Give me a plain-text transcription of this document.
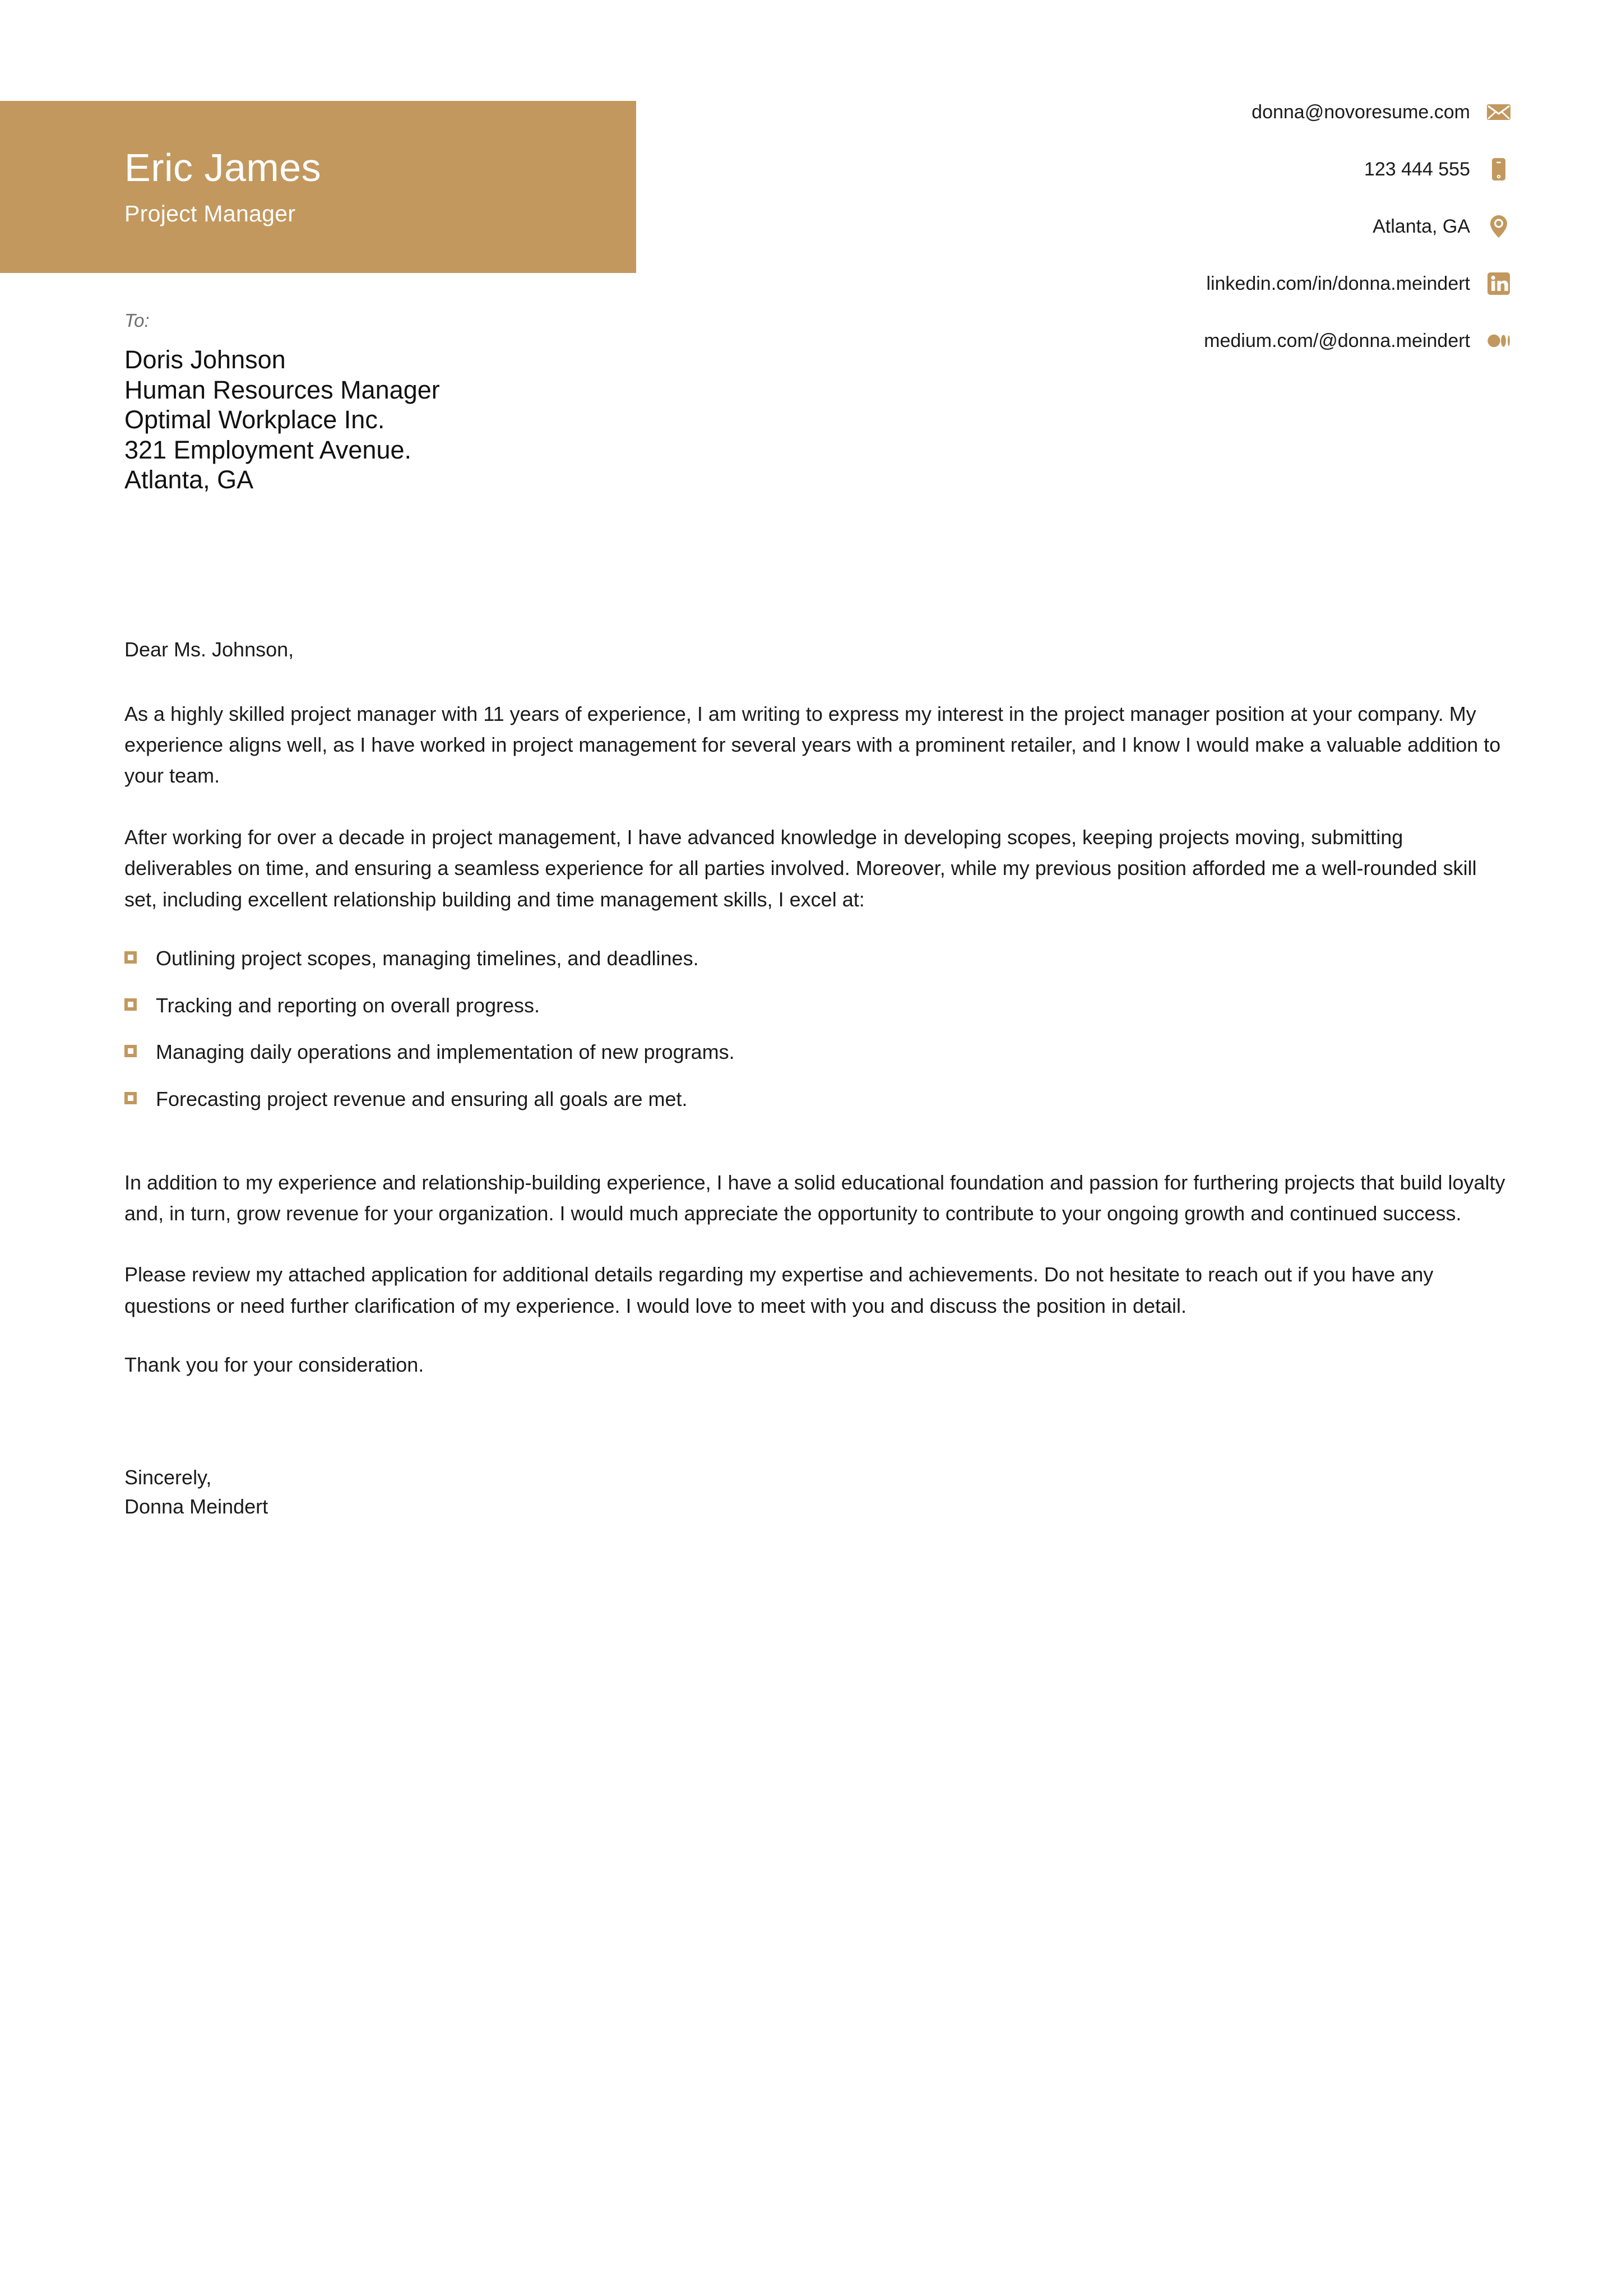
Eric James
Project Manager
donna@novoresume.com
123 444 555
Atlanta, GA
linkedin.com/in/donna.meindert
medium.com/@donna.meindert
To:
Doris Johnson
Human Resources Manager
Optimal Workplace Inc.
321 Employment Avenue.
Atlanta, GA
Dear Ms. Johnson,

As a highly skilled project manager with 11 years of experience, I am writing to express my interest in the project manager position at your company. My experience aligns well, as I have worked in project management for several years with a prominent retailer, and I know I would make a valuable addition to your team.

After working for over a decade in project management, I have advanced knowledge in developing scopes, keeping projects moving, submitting deliverables on time, and ensuring a seamless experience for all parties involved. Moreover, while my previous position afforded me a well-rounded skill set, including excellent relationship building and time management skills, I excel at:

Outlining project scopes, managing timelines, and deadlines.
Tracking and reporting on overall progress.
Managing daily operations and implementation of new programs.
Forecasting project revenue and ensuring all goals are met.

In addition to my experience and relationship-building experience, I have a solid educational foundation and passion for furthering projects that build loyalty and, in turn, grow revenue for your organization. I would much appreciate the opportunity to contribute to your ongoing growth and continued success.

Please review my attached application for additional details regarding my expertise and achievements. Do not hesitate to reach out if you have any questions or need further clarification of my experience. I would love to meet with you and discuss the position in detail.

Thank you for your consideration.
Sincerely,
Donna Meindert
